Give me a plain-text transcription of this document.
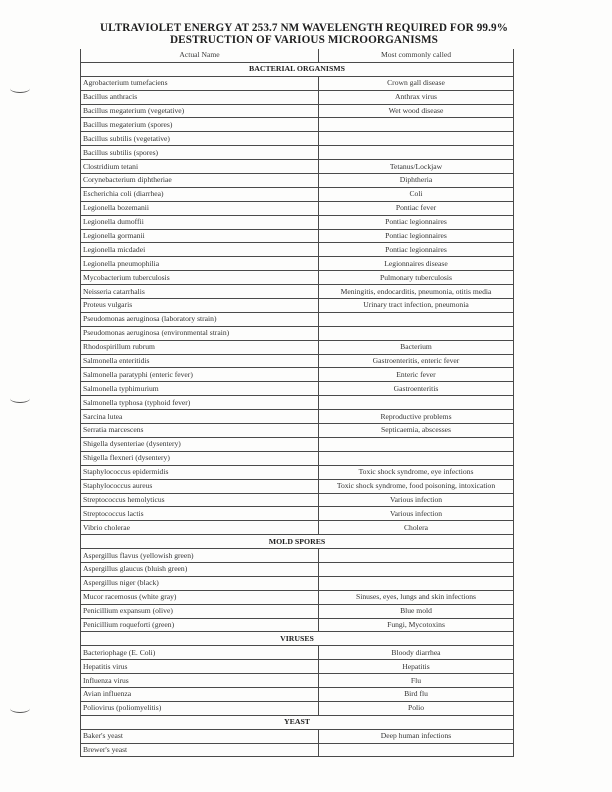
ULTRAVIOLET ENERGY AT 253.7 NM WAVELENGTH REQUIRED FOR 99.9%
DESTRUCTION OF VARIOUS MICROORGANISMS
Actual Name	Most commonly called
BACTERIAL ORGANISMS	
Agrobacterium tumefaciens	Crown gall disease
Bacillus anthracis	Anthrax virus
Bacillus megaterium (vegetative)	Wet wood disease
Bacillus megaterium (spores)	
Bacillus subtilis (vegetative)	
Bacillus subtilis (spores)	
Clostridium tetani	Tetanus/Lockjaw
Corynebacterium diphtheriae	Diphtheria
Escherichia coli (diarrhea)	Coli
Legionella bozemanii	Pontiac fever
Legionella dumoffii	Pontiac legionnaires
Legionella gormanii	Pontiac legionnaires
Legionella micdadei	Pontiac legionnaires
Legionella pneumophilia	Legionnaires disease
Mycobacterium tuberculosis	Pulmonary tuberculosis
Neisseria catarrhalis	Meningitis, endocarditis, pneumonia, otitis media
Proteus vulgaris	Urinary tract infection, pneumonia
Pseudomonas aeruginosa (laboratory strain)	
Pseudomonas aeruginosa (environmental strain)	
Rhodospirillum rubrum	Bacterium
Salmonella enteritidis	Gastroenteritis, enteric fever
Salmonella paratyphi (enteric fever)	Enteric fever
Salmonella typhimurium	Gastroenteritis
Salmonella typhosa (typhoid fever)	
Sarcina lutea	Reproductive problems
Serratia marcescens	Septicaemia, abscesses
Shigella dysenteriae (dysentery)	
Shigella flexneri (dysentery)	
Staphylococcus epidermidis	Toxic shock syndrome, eye infections
Staphylococcus aureus	Toxic shock syndrome, food poisoning, intoxication
Streptococcus hemolyticus	Various infection
Streptococcus lactis	Various infection
Vibrio cholerae	Cholera
MOLD SPORES	
Aspergillus flavus (yellowish green)	
Aspergillus glaucus (bluish green)	
Aspergillus niger (black)	
Mucor racemosus (white gray)	Sinuses, eyes, lungs and skin infections
Penicillium expansum (olive)	Blue mold
Penicillium roqueforti (green)	Fungi, Mycotoxins
VIRUSES	
Bacteriophage (E. Coli)	Bloody diarrhea
Hepatitis virus	Hepatitis
Influenza virus	Flu
Avian influenza	Bird flu
Poliovirus (poliomyelitis)	Polio
YEAST	
Baker's yeast	Deep human infections
Brewer's yeast	
